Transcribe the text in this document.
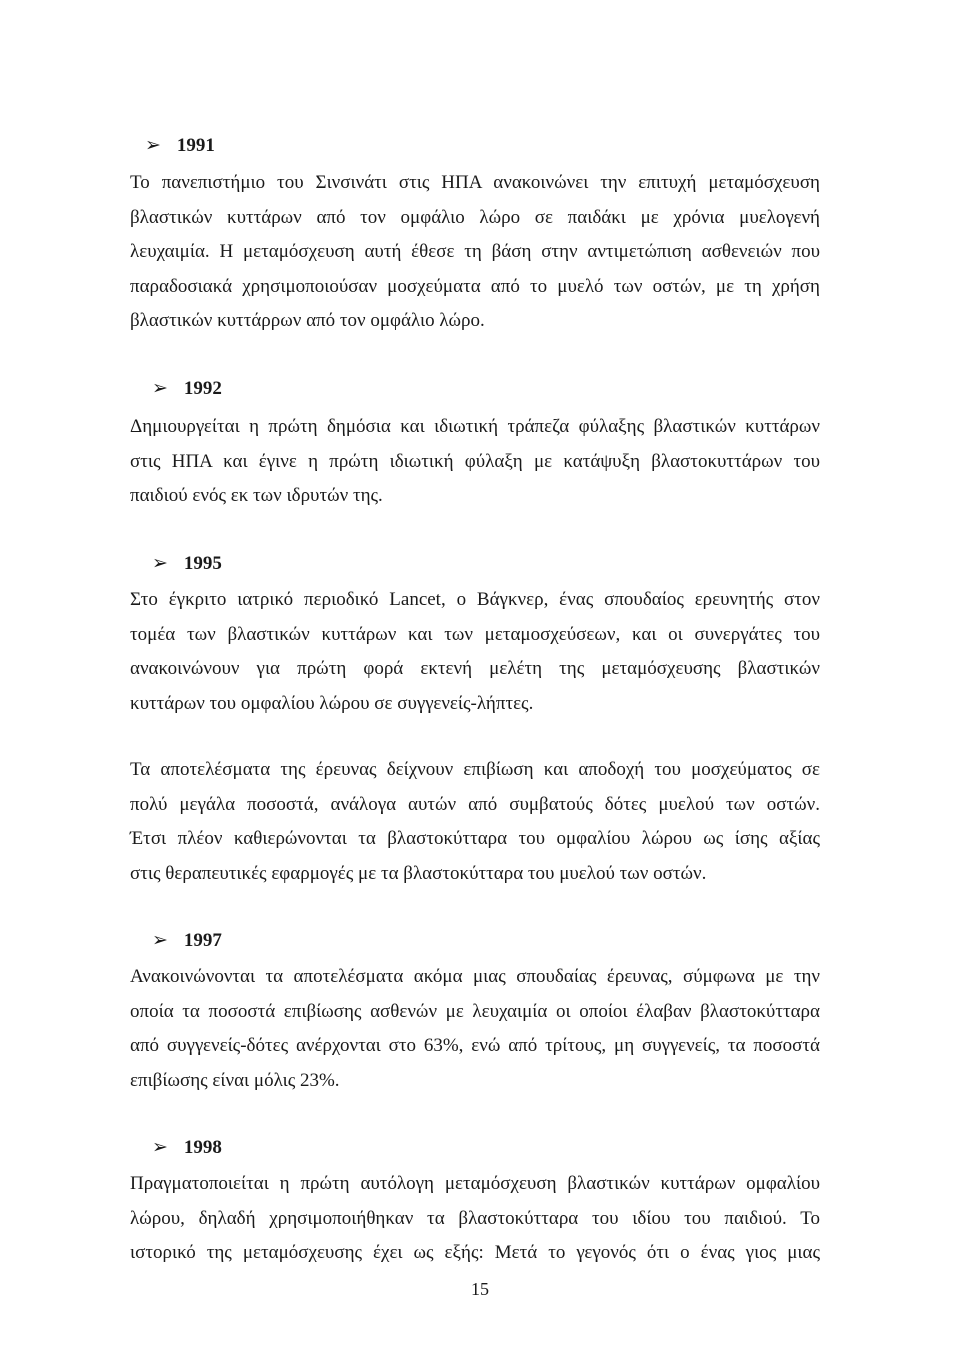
➢ 1991
Το πανεπιστήμιο του Σινσινάτι στις ΗΠΑ ανακοινώνει την επιτυχή μεταμόσχευση
βλαστικών κυττάρων από τον ομφάλιο λώρο σε παιδάκι με χρόνια μυελογενή
λευχαιμία. Η μεταμόσχευση αυτή έθεσε τη βάση στην αντιμετώπιση ασθενειών που
παραδοσιακά χρησιμοποιούσαν μοσχεύματα από το μυελό των οστών, με τη χρήση
βλαστικών κυττάρρων από τον ομφάλιο λώρο.
➢ 1992
Δημιουργείται η πρώτη δημόσια και ιδιωτική τράπεζα φύλαξης βλαστικών κυττάρων
στις ΗΠΑ και έγινε η πρώτη ιδιωτική φύλαξη με κατάψυξη βλαστοκυττάρων του
παιδιού ενός εκ των ιδρυτών της.
➢ 1995
Στο έγκριτο ιατρικό περιοδικό Lancet, ο Βάγκνερ, ένας σπουδαίος ερευνητής στον
τομέα των βλαστικών κυττάρων και των μεταμοσχεύσεων, και οι συνεργάτες του
ανακοινώνουν για πρώτη φορά εκτενή μελέτη της μεταμόσχευσης βλαστικών
κυττάρων του ομφαλίου λώρου σε συγγενείς-λήπτες.
Τα αποτελέσματα της έρευνας δείχνουν επιβίωση και αποδοχή του μοσχεύματος σε
πολύ μεγάλα ποσοστά, ανάλογα αυτών από συμβατούς δότες μυελού των οστών.
Έτσι πλέον καθιερώνονται τα βλαστοκύτταρα του ομφαλίου λώρου ως ίσης αξίας
στις θεραπευτικές εφαρμογές με τα βλαστοκύτταρα του μυελού των οστών.
➢ 1997
Ανακοινώνονται τα αποτελέσματα ακόμα μιας σπουδαίας έρευνας, σύμφωνα με την
οποία τα ποσοστά επιβίωσης ασθενών με λευχαιμία οι οποίοι έλαβαν βλαστοκύτταρα
από συγγενείς-δότες ανέρχονται στο 63%, ενώ από τρίτους, μη συγγενείς, τα ποσοστά
επιβίωσης είναι μόλις 23%.
➢ 1998
Πραγματοποιείται η πρώτη αυτόλογη μεταμόσχευση βλαστικών κυττάρων ομφαλίου
λώρου, δηλαδή χρησιμοποιήθηκαν τα βλαστοκύτταρα του ιδίου του παιδιού. Το
ιστορικό της μεταμόσχευσης έχει ως εξής: Μετά το γεγονός ότι ο ένας γιος μιας
15
